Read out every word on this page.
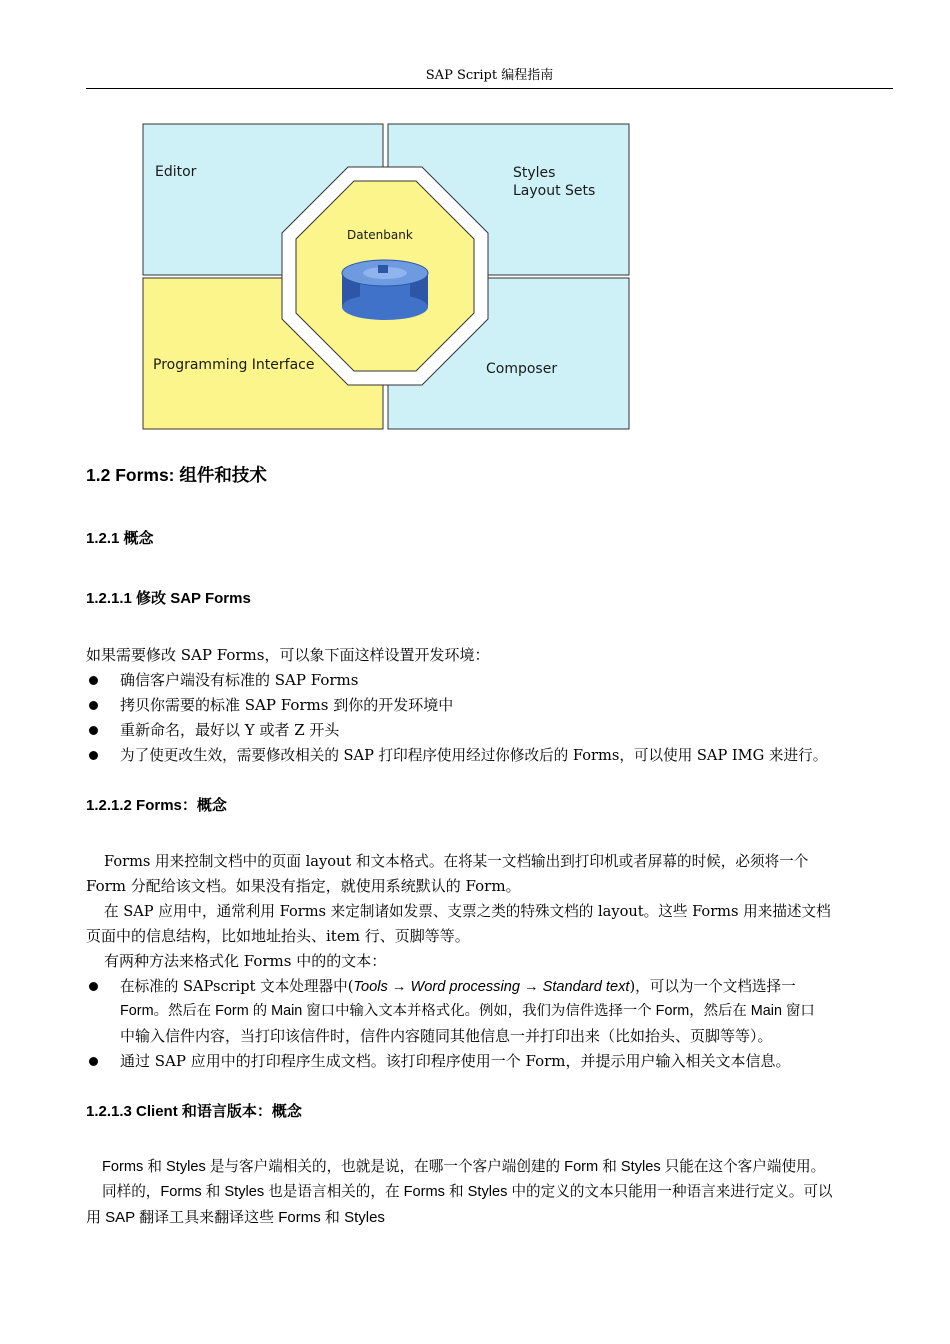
SAP Script 编程指南
Editor	Styles
Layout Sets
Datenbank
Programming Interface	Composer
1.2 Forms: 组件和技术
1.2.1 概念
1.2.1.1 修改 SAP Forms
如果需要修改 SAP Forms，可以象下面这样设置开发环境：
确信客户端没有标准的 SAP Forms
拷贝你需要的标准 SAP Forms 到你的开发环境中
重新命名，最好以 Y 或者 Z 开头
为了使更改生效，需要修改相关的 SAP 打印程序使用经过你修改后的 Forms，可以使用 SAP IMG 来进行。
1.2.1.2 Forms：概念
Forms 用来控制文档中的页面 layout 和文本格式。在将某一文档输出到打印机或者屏幕的时候，必须将一个
Form 分配给该文档。如果没有指定，就使用系统默认的 Form。
在 SAP 应用中，通常利用 Forms 来定制诸如发票、支票之类的特殊文档的 layout。这些 Forms 用来描述文档
页面中的信息结构，比如地址抬头、item 行、页脚等等。
有两种方法来格式化 Forms 中的的文本：
在标准的 SAPscript 文本处理器中(Tools → Word processing → Standard text)，可以为一个文档选择一
Form。然后在 Form 的 Main 窗口中输入文本并格式化。例如，我们为信件选择一个 Form，然后在 Main 窗口
中输入信件内容，当打印该信件时，信件内容随同其他信息一并打印出来（比如抬头、页脚等等）。
通过 SAP 应用中的打印程序生成文档。该打印程序使用一个 Form，并提示用户输入相关文本信息。
1.2.1.3 Client 和语言版本：概念
Forms 和 Styles 是与客户端相关的，也就是说，在哪一个客户端创建的 Form 和 Styles 只能在这个客户端使用。
同样的，Forms 和 Styles 也是语言相关的，在 Forms 和 Styles 中的定义的文本只能用一种语言来进行定义。可以
用 SAP 翻译工具来翻译这些 Forms 和 Styles
